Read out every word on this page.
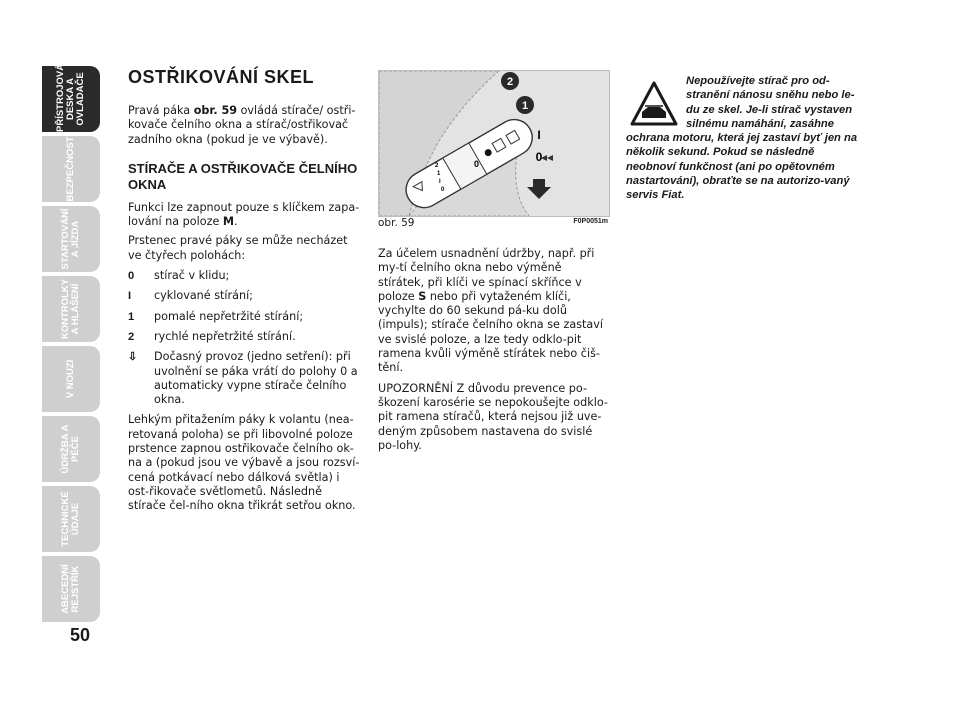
PŘÍSTROJOVÁ
DESKA A
OVLADAČE
BEZPEČNOST
STARTOVÁNÍ
A JÍZDA
KONTROLKY
A HLÁŠENÍ
V NOUZI
ÚDRŽBA A
PÉČE
TECHNICKÉ
ÚDAJE
ABECEDNÍ
REJSTŘÍK
50
OSTŘIKOVÁNÍ SKEL

Pravá páka obr. 59 ovládá stírače/ ostři-kovače čelního okna a stírač/ostřikovač zadního okna (pokud je ve výbavě).

STÍRAČE A OSTŘIKOVAČE ČELNÍHO OKNA

Funkci lze zapnout pouze s klíčkem zapa-lování na poloze M.

Prstenec pravé páky se může necházet ve čtyřech polohách:

0	stírač v klidu;
I	cyklované stírání;
1	pomalé nepřetržité stírání;
2	rychlé nepřetržité stírání.
⇩	Dočasný provoz (jedno setření): při uvolnění se páka vrátí do polohy 0 a automaticky vypne stírače čelního okna.

Lehkým přitažením páky k volantu (nea-retovaná poloha) se při libovolné poloze prstence zapnou ostřikovače čelního ok-na a (pokud jsou ve výbavě a jsou rozsví-cená potkávací nebo dálková světla) i ost-řikovače světlometů. Následně stírače čel-ního okna třikrát setřou okno.

2
1
I
0
0
2
1
I
0
obr. 59	F0P0051m

Za účelem usnadnění údržby, např. při my-tí čelního okna nebo výměně stírátek, při klíči ve spínací skříňce v poloze S nebo při vytaženém klíči, vychylte do 60 sekund pá-ku dolů (impuls); stírače čelního okna se zastaví ve svislé poloze, a lze tedy odklo-pit ramena kvůli výměně stírátek nebo čiš-tění.

UPOZORNĚNÍ Z důvodu prevence po-škození karosérie se nepokoušejte odklo-pit ramena stíračů, která nejsou již uve-deným způsobem nastavena do svislé po-lohy.

Nepoužívejte stírač pro od-stranění nánosu sněhu nebo le-du ze skel. Je-li stírač vystaven silnému namáhání, zasáhne ochrana motoru, která jej zastaví byť jen na několik sekund. Pokud se následně neobnoví funkčnost (ani po opětovném nastartování), obraťte se na autorizo-vaný servis Fiat.
